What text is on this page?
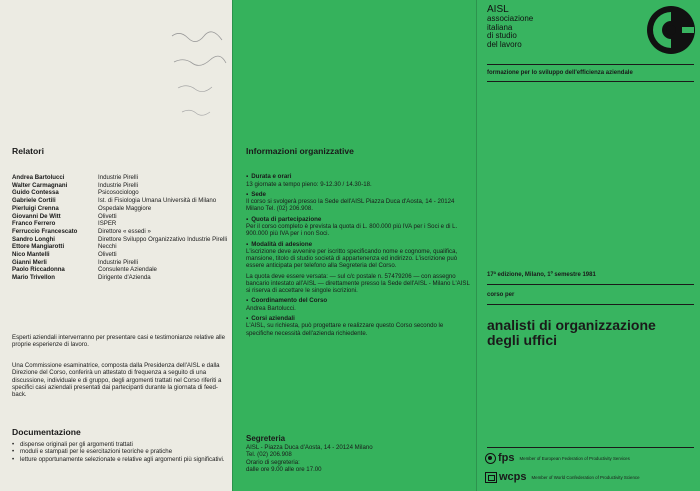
Relatori
Andrea Bartolucci	Industrie Pirelli
Walter Carmagnani	Industrie Pirelli
Guido Contessa	Psicosociologo
Gabriele Cortili	Ist. di Fisiologia Umana Università di Milano
Pierluigi Crenna	Ospedale Maggiore
Giovanni De Witt	Olivetti
Franco Ferrero	ISPER
Ferruccio Francescato	Direttore « essedi »
Sandro Longhi	Direttore Sviluppo Organizzativo Industrie Pirelli
Ettore Mangiarotti	Necchi
Nico Mantelli	Olivetti
Gianni Merli	Industrie Pirelli
Paolo Riccadonna	Consulente Aziendale
Mario Trivellon	Dirigente d'Azienda
Esperti aziendali interverranno per presentare casi e testimonianze relative alle proprie esperienze di lavoro.
Una Commissione esaminatrice, composta dalla Presidenza dell'AISL e dalla Direzione del Corso, conferirà un attestato di frequenza a seguito di una discussione, individuale e di gruppo, degli argomenti trattati nel Corso riferiti a specifici casi aziendali presentati dai partecipanti durante la giornata di feed-back.
Documentazione
• dispense originali per gli argomenti trattati
• moduli e stampati per le esercitazioni teoriche e pratiche
• letture opportunamente selezionate e relative agli argomenti più significativi.
Informazioni organizzative
▪ Durata e orari
13 giornate a tempo pieno: 9-12.30 / 14.30-18.
▪ Sede
Il corso si svolgerà presso la Sede dell'AISL Piazza Duca d'Aosta, 14 - 20124 Milano Tel. (02) 206.908.
▪ Quota di partecipazione
Per il corso completo è prevista la quota di L. 800.000 più IVA per i Soci e di L. 900.000 più IVA per i non Soci.
▪ Modalità di adesione
L'iscrizione deve avvenire per iscritto specificando nome e cognome, qualifica, mansione, titolo di studio società di appartenenza ed indirizzo. L'iscrizione può essere anticipata per telefono alla Segreteria del Corso.
La quota deve essere versata: — sul c/c postale n. 57479206 — con assegno bancario intestato all'AISL — direttamente presso la Sede dell'AISL - Milano L'AISL si riserva di accettare le singole iscrizioni.
▪ Coordinamento del Corso
Andrea Bartolucci.
▪ Corsi aziendali
L'AISL, su richiesta, può progettare e realizzare questo Corso secondo le specifiche necessità dell'azienda richiedente.
Segreteria
AISL - Piazza Duca d'Aosta, 14 - 20124 Milano
Tel. (02) 206.908
Orario di segreteria:
dalle ore 9.00 alle ore 17.00
AISL
associazione
italiana
di studio
del lavoro
formazione per lo sviluppo dell'efficienza aziendale
17ª edizione, Milano, 1º semestre 1981
corso per
analisti di organizzazione degli uffici
fps Member of European Federation of Productivity Services
wcps Member of World Confederation of Productivity Science
